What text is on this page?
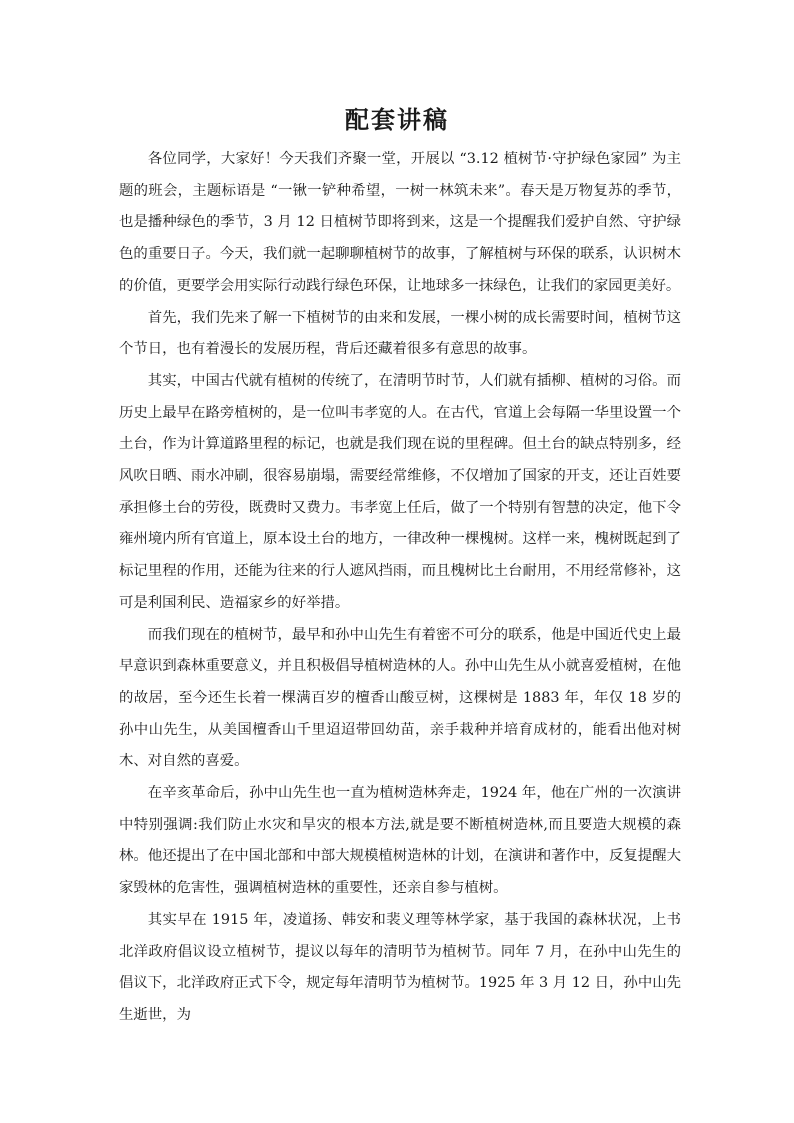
配套讲稿

各位同学，大家好！今天我们齐聚一堂，开展以 “3.12 植树节·守护绿色家园” 为主题的班会，主题标语是 “一锹一铲种希望，一树一林筑未来”。春天是万物复苏的季节，也是播种绿色的季节，3 月 12 日植树节即将到来，这是一个提醒我们爱护自然、守护绿色的重要日子。今天，我们就一起聊聊植树节的故事，了解植树与环保的联系，认识树木的价值，更要学会用实际行动践行绿色环保，让地球多一抹绿色，让我们的家园更美好。

首先，我们先来了解一下植树节的由来和发展，一棵小树的成长需要时间，植树节这个节日，也有着漫长的发展历程，背后还藏着很多有意思的故事。

其实，中国古代就有植树的传统了，在清明节时节，人们就有插柳、植树的习俗。而历史上最早在路旁植树的，是一位叫韦孝宽的人。在古代，官道上会每隔一华里设置一个土台，作为计算道路里程的标记，也就是我们现在说的里程碑。但土台的缺点特别多，经风吹日晒、雨水冲刷，很容易崩塌，需要经常维修，不仅增加了国家的开支，还让百姓要承担修土台的劳役，既费时又费力。韦孝宽上任后，做了一个特别有智慧的决定，他下令雍州境内所有官道上，原本设土台的地方，一律改种一棵槐树。这样一来，槐树既起到了标记里程的作用，还能为往来的行人遮风挡雨，而且槐树比土台耐用，不用经常修补，这可是利国利民、造福家乡的好举措。

而我们现在的植树节，最早和孙中山先生有着密不可分的联系，他是中国近代史上最早意识到森林重要意义，并且积极倡导植树造林的人。孙中山先生从小就喜爱植树，在他的故居，至今还生长着一棵满百岁的檀香山酸豆树，这棵树是 1883 年，年仅 18 岁的孙中山先生，从美国檀香山千里迢迢带回幼苗，亲手栽种并培育成材的，能看出他对树木、对自然的喜爱。

在辛亥革命后，孙中山先生也一直为植树造林奔走，1924 年，他在广州的一次演讲中特别强调:我们防止水灾和旱灾的根本方法,就是要不断植树造林,而且要造大规模的森林。他还提出了在中国北部和中部大规模植树造林的计划，在演讲和著作中，反复提醒大家毁林的危害性，强调植树造林的重要性，还亲自参与植树。

其实早在 1915 年，凌道扬、韩安和裴义理等林学家，基于我国的森林状况，上书北洋政府倡议设立植树节，提议以每年的清明节为植树节。同年 7 月，在孙中山先生的倡议下，北洋政府正式下令，规定每年清明节为植树节。1925 年 3 月 12 日，孙中山先生逝世，为
